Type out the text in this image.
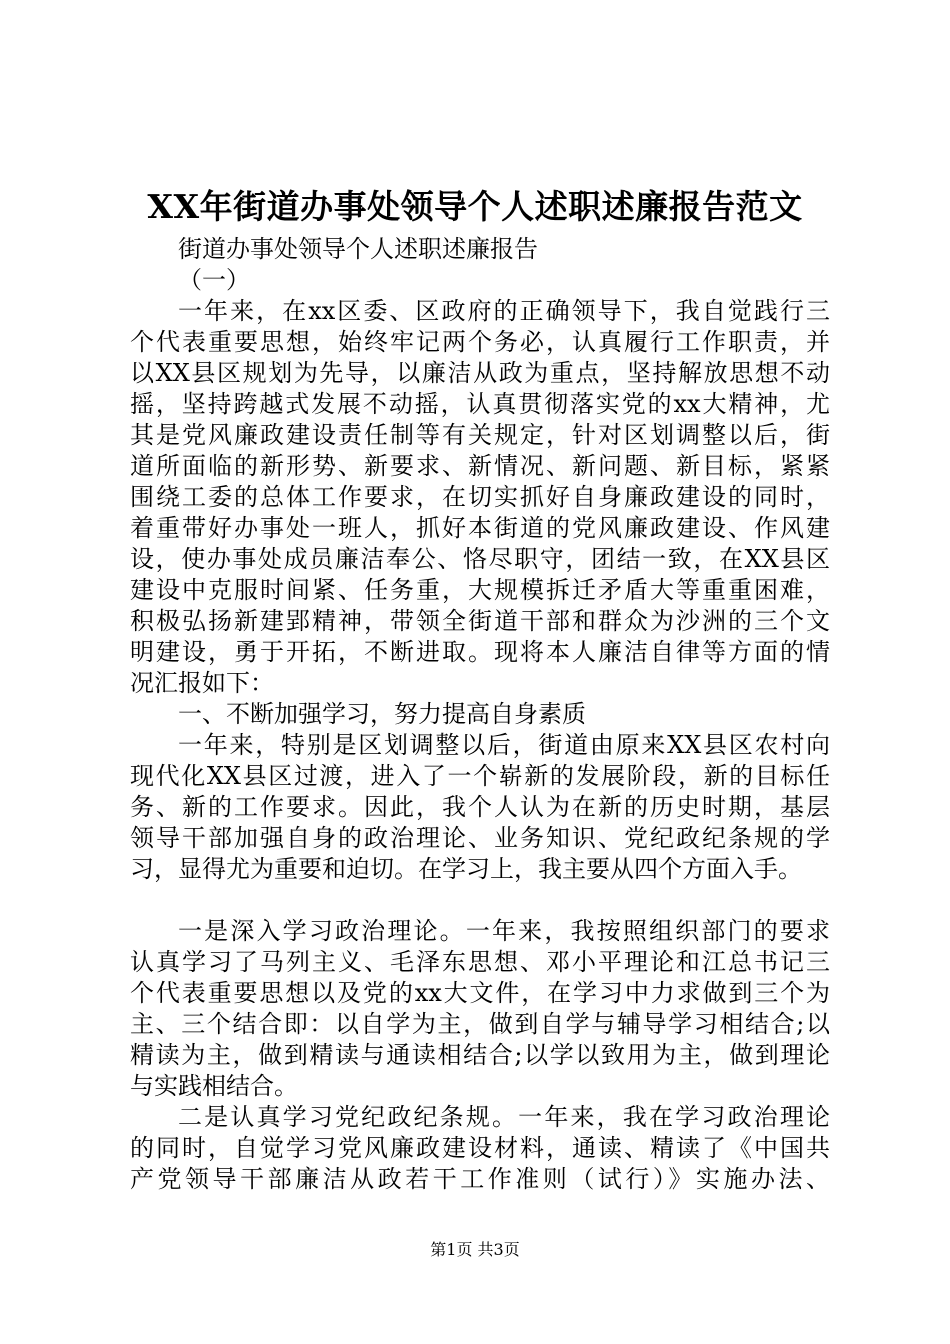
XX年街道办事处领导个人述职述廉报告范文
街道办事处领导个人述职述廉报告
（一）
一年来，在xx区委、区政府的正确领导下，我自觉践行三
个代表重要思想，始终牢记两个务必，认真履行工作职责，并
以XX县区规划为先导，以廉洁从政为重点，坚持解放思想不动
摇，坚持跨越式发展不动摇，认真贯彻落实党的xx大精神，尤
其是党风廉政建设责任制等有关规定，针对区划调整以后，街
道所面临的新形势、新要求、新情况、新问题、新目标，紧紧
围绕工委的总体工作要求，在切实抓好自身廉政建设的同时，
着重带好办事处一班人，抓好本街道的党风廉政建设、作风建
设，使办事处成员廉洁奉公、恪尽职守，团结一致，在XX县区
建设中克服时间紧、任务重，大规模拆迁矛盾大等重重困难，
积极弘扬新建郢精神，带领全街道干部和群众为沙洲的三个文
明建设，勇于开拓，不断进取。现将本人廉洁自律等方面的情
况汇报如下：
一、不断加强学习，努力提高自身素质
一年来，特别是区划调整以后，街道由原来XX县区农村向
现代化XX县区过渡，进入了一个崭新的发展阶段，新的目标任
务、新的工作要求。因此，我个人认为在新的历史时期，基层
领导干部加强自身的政治理论、业务知识、党纪政纪条规的学
习，显得尤为重要和迫切。在学习上，我主要从四个方面入手。
一是深入学习政治理论。一年来，我按照组织部门的要求
认真学习了马列主义、毛泽东思想、邓小平理论和江总书记三
个代表重要思想以及党的xx大文件，在学习中力求做到三个为
主、三个结合即：以自学为主，做到自学与辅导学习相结合;以
精读为主，做到精读与通读相结合;以学以致用为主，做到理论
与实践相结合。
二是认真学习党纪政纪条规。一年来，我在学习政治理论
的同时，自觉学习党风廉政建设材料，通读、精读了《中国共
产党领导干部廉洁从政若干工作准则（试行）》实施办法、
第1页 共3页
